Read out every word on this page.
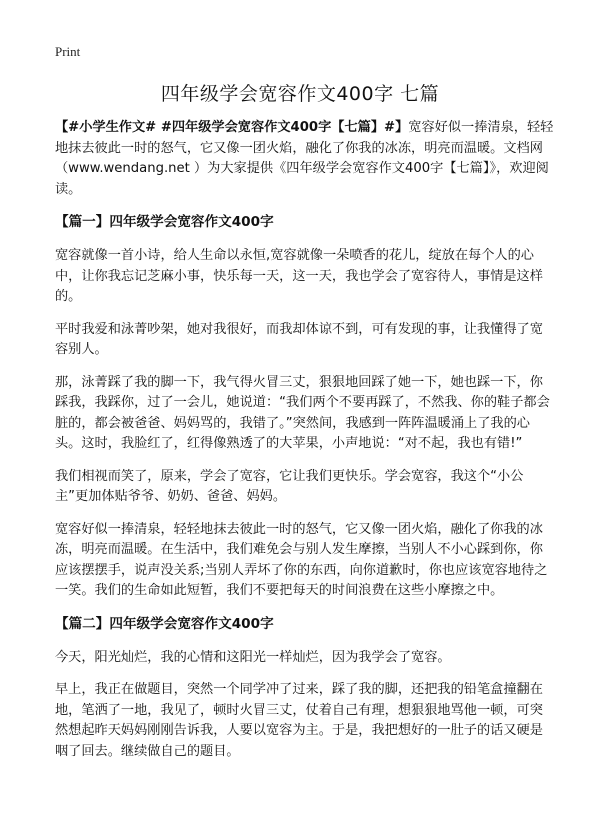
Print
四年级学会宽容作文400字 七篇

【#小学生作文# #四年级学会宽容作文400字【七篇】#】宽容好似一捧清泉，轻轻地抹去彼此一时的怒气，它又像一团火焰，融化了你我的冰冻，明亮而温暖。文档网（www.wendang.net ）为大家提供《四年级学会宽容作文400字【七篇】》，欢迎阅读。

【篇一】四年级学会宽容作文400字

宽容就像一首小诗，给人生命以永恒,宽容就像一朵喷香的花儿，绽放在每个人的心中，让你我忘记芝麻小事，快乐每一天，这一天，我也学会了宽容待人，事情是这样的。

平时我爱和泳菁吵架，她对我很好，而我却体谅不到，可有发现的事，让我懂得了宽容别人。

那，泳菁踩了我的脚一下，我气得火冒三丈，狠狠地回踩了她一下，她也踩一下，你踩我，我踩你，过了一会儿，她说道：“我们两个不要再踩了，不然我、你的鞋子都会脏的，都会被爸爸、妈妈骂的，我错了。”突然间，我感到一阵阵温暖涌上了我的心头。这时，我脸红了，红得像熟透了的大苹果，小声地说：“对不起，我也有错!”

我们相视而笑了，原来，学会了宽容，它让我们更快乐。学会宽容，我这个“小公主”更加体贴爷爷、奶奶、爸爸、妈妈。

宽容好似一捧清泉，轻轻地抹去彼此一时的怒气，它又像一团火焰，融化了你我的冰冻，明亮而温暖。在生活中，我们难免会与别人发生摩擦，当别人不小心踩到你，你应该摆摆手，说声没关系;当别人弄坏了你的东西，向你道歉时，你也应该宽容地待之一笑。我们的生命如此短暂，我们不要把每天的时间浪费在这些小摩擦之中。

【篇二】四年级学会宽容作文400字

今天，阳光灿烂，我的心情和这阳光一样灿烂，因为我学会了宽容。

早上，我正在做题目，突然一个同学冲了过来，踩了我的脚，还把我的铅笔盒撞翻在地，笔洒了一地，我见了，顿时火冒三丈，仗着自己有理，想狠狠地骂他一顿，可突然想起昨天妈妈刚刚告诉我，人要以宽容为主。于是，我把想好的一肚子的话又硬是咽了回去。继续做自己的题目。
